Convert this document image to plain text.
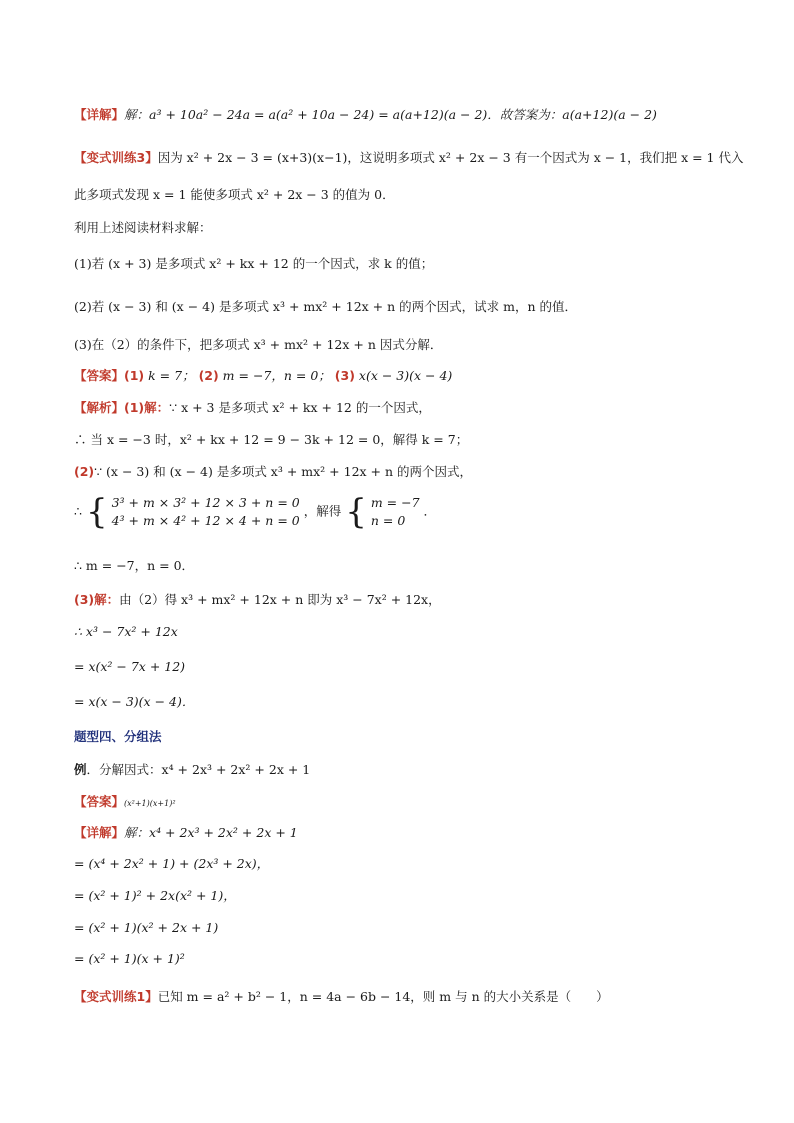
【详解】解：a³ + 10a² − 24a = a(a² + 10a − 24) = a(a+12)(a − 2)．故答案为：a(a+12)(a − 2)
【变式训练3】因为 x² + 2x − 3 = (x+3)(x−1)，这说明多项式 x² + 2x − 3 有一个因式为 x − 1，我们把 x = 1 代入
此多项式发现 x = 1 能使多项式 x² + 2x − 3 的值为 0．
利用上述阅读材料求解：
(1)若 (x + 3) 是多项式 x² + kx + 12 的一个因式，求 k 的值；
(2)若 (x − 3) 和 (x − 4) 是多项式 x³ + mx² + 12x + n 的两个因式，试求 m，n 的值．
(3)在（2）的条件下，把多项式 x³ + mx² + 12x + n 因式分解．
【答案】(1) k = 7； (2) m = −7，n = 0； (3) x(x − 3)(x − 4)
【解析】(1)解：∵ x + 3 是多项式 x² + kx + 12 的一个因式，
∴ 当 x = −3 时，x² + kx + 12 = 9 − 3k + 12 = 0，解得 k = 7；
(2)∵ (x − 3) 和 (x − 4) 是多项式 x³ + mx² + 12x + n 的两个因式，
∴ { 3³ + m × 3² + 12 × 3 + n = 0
4³ + m × 4² + 12 × 4 + n = 0
，解得 { m = −7
n = 0
．
∴ m = −7，n = 0．
(3)解：由（2）得 x³ + mx² + 12x + n 即为 x³ − 7x² + 12x，
∴ x³ − 7x² + 12x
= x(x² − 7x + 12)
= x(x − 3)(x − 4)．
题型四、分组法
例．分解因式：x⁴ + 2x³ + 2x² + 2x + 1
【答案】(x²+1)(x+1)²
【详解】解：x⁴ + 2x³ + 2x² + 2x + 1
= (x⁴ + 2x² + 1) + (2x³ + 2x)，
= (x² + 1)² + 2x(x² + 1)，
= (x² + 1)(x² + 2x + 1)
= (x² + 1)(x + 1)²
【变式训练1】已知 m = a² + b² − 1，n = 4a − 6b − 14，则 m 与 n 的大小关系是（　　）
